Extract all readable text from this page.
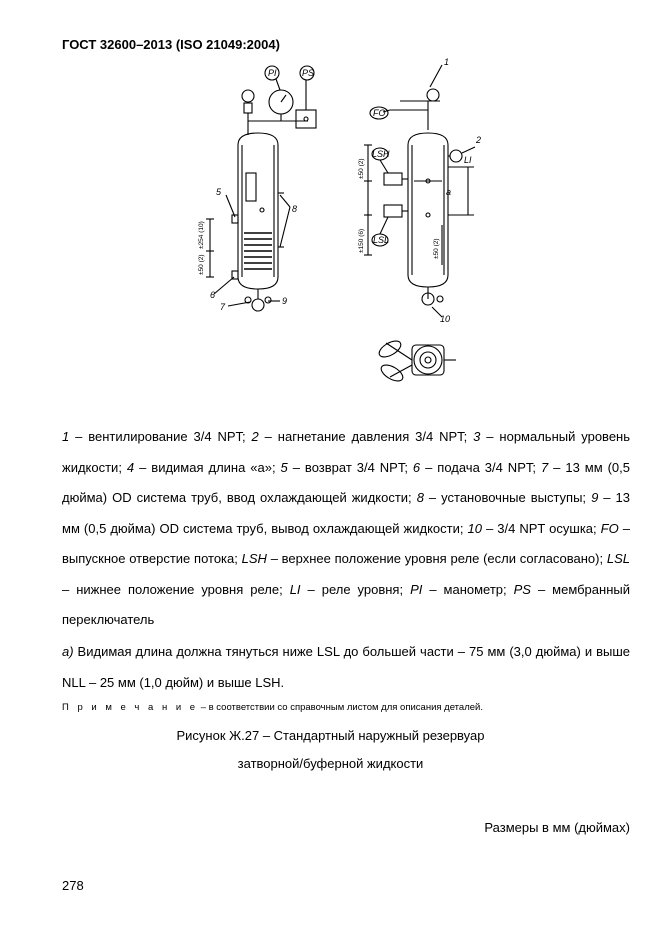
ГОСТ 32600–2013 (ISO 21049:2004)
PI	PS
5
8
6
7
9
1
FO
2
LI
LSH
LSL
10
a
±50 (2)
±254 (10)
±50 (2)
±150 (6)	±50 (2)
1 – вентилирование 3/4 NPT; 2 – нагнетание давления 3/4 NPT; 3 – нормальный уровень жидкости; 4 – видимая длина «а»; 5 – возврат 3/4 NPT; 6 – подача 3/4 NPT; 7 – 13 мм (0,5 дюйма) OD система труб, ввод охлаждающей жидкости; 8 – установочные выступы; 9 – 13 мм (0,5 дюйма) OD система труб, вывод охлаждающей жидкости; 10 – 3/4 NPT осушка; FO – выпускное отверстие потока; LSH – верхнее положение уровня реле (если согласовано); LSL – нижнее положение уровня реле; LI – реле уровня; PI – манометр; PS – мембранный переключатель
a) Видимая длина должна тянуться ниже LSL до большей части – 75 мм (3,0 дюйма) и выше NLL – 25 мм (1,0 дюйм) и выше LSH.
П р и м е ч а н и е – в соответствии со справочным листом для описания деталей.
Рисунок Ж.27 – Стандартный наружный резервуар
затворной/буферной жидкости
Размеры в мм (дюймах)
278
